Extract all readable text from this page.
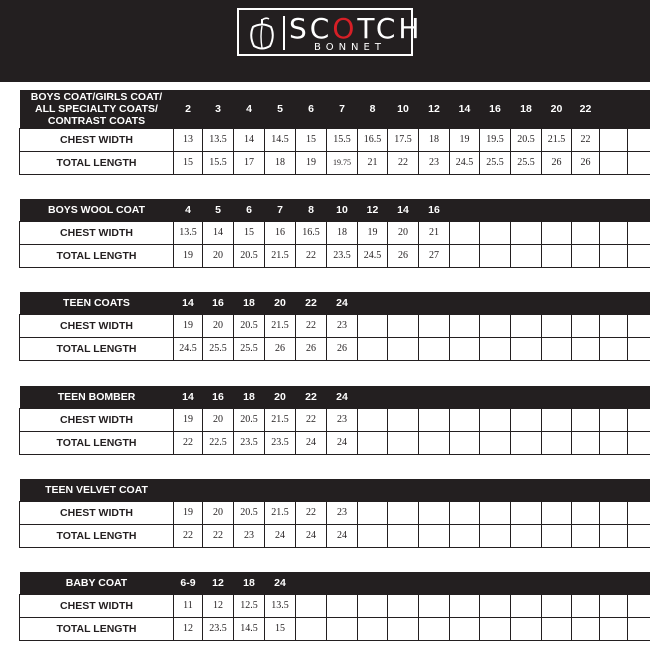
SCOTCH
BONNET
BOYS COAT/GIRLS COAT/ ALL SPECIALTY COATS/ CONTRAST COATS	2	3	4	5	6	7	8	10	12	14	16	18	20	22		
CHEST WIDTH	13	13.5	14	14.5	15	15.5	16.5	17.5	18	19	19.5	20.5	21.5	22		
TOTAL LENGTH	15	15.5	17	18	19	19.75	21	22	23	24.5	25.5	25.5	26	26		
BOYS WOOL COAT	4	5	6	7	8	10	12	14	16							
CHEST WIDTH	13.5	14	15	16	16.5	18	19	20	21							
TOTAL LENGTH	19	20	20.5	21.5	22	23.5	24.5	26	27							
TEEN COATS	14	16	18	20	22	24										
CHEST WIDTH	19	20	20.5	21.5	22	23										
TOTAL LENGTH	24.5	25.5	25.5	26	26	26										
TEEN BOMBER	14	16	18	20	22	24										
CHEST WIDTH	19	20	20.5	21.5	22	23										
TOTAL LENGTH	22	22.5	23.5	23.5	24	24										
TEEN VELVET COAT																
CHEST WIDTH	19	20	20.5	21.5	22	23										
TOTAL LENGTH	22	22	23	24	24	24										
BABY COAT	6-9	12	18	24												
CHEST WIDTH	11	12	12.5	13.5												
TOTAL LENGTH	12	23.5	14.5	15												
